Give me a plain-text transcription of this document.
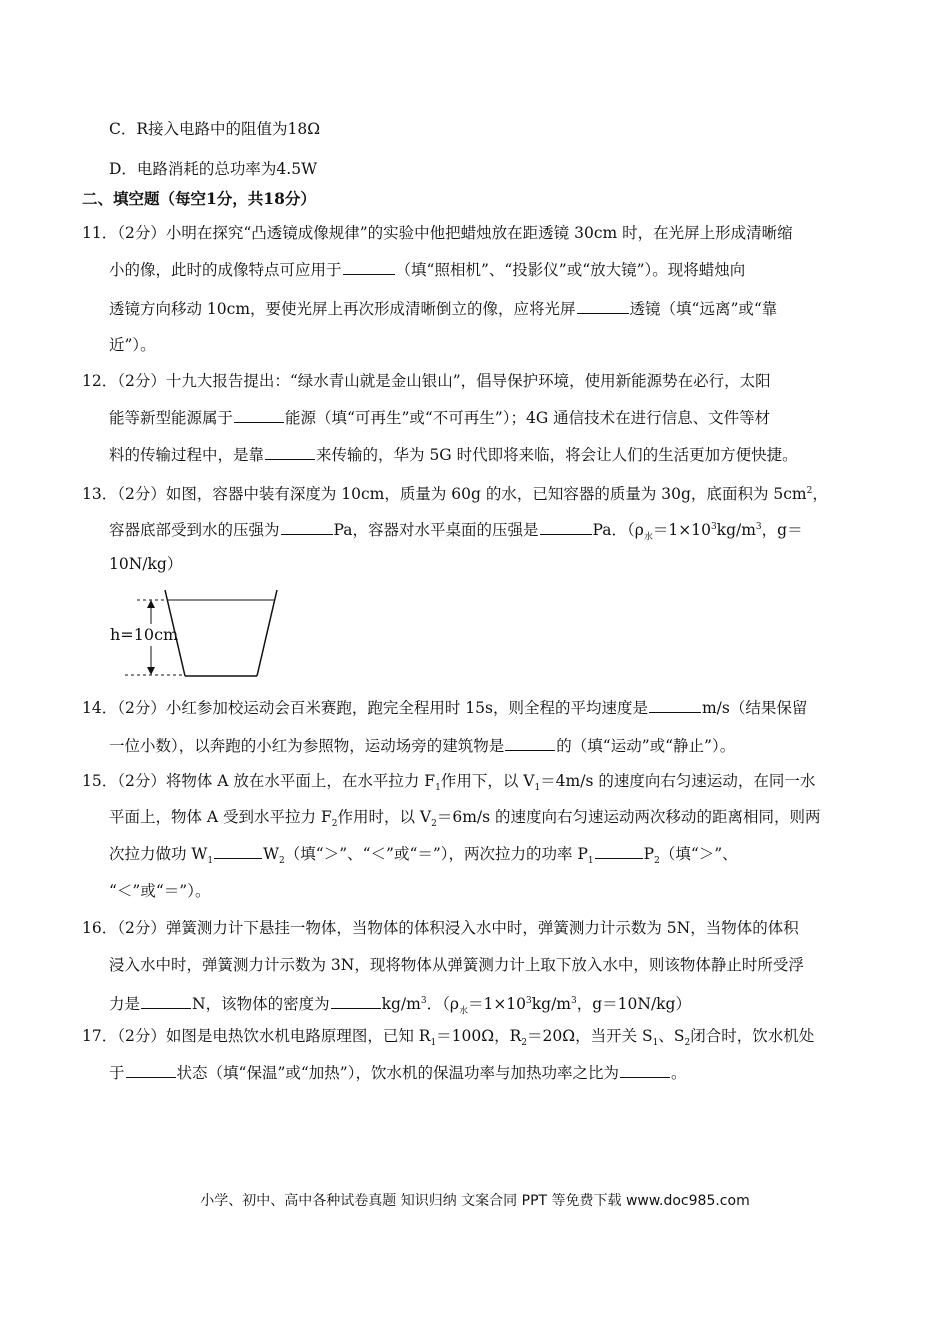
C．R接入电路中的阻值为18Ω
D．电路消耗的总功率为4.5W
二、填空题（每空1分，共18分）
11．（2分）小明在探究“凸透镜成像规律”的实验中他把蜡烛放在距透镜 30cm 时，在光屏上形成清晰缩
小的像，此时的成像特点可应用于	（填“照相机”、“投影仪”或“放大镜”）。现将蜡烛向
透镜方向移动 10cm，要使光屏上再次形成清晰倒立的像，应将光屏	透镜（填“远离”或“靠
近”）。
12．（2分）十九大报告提出：“绿水青山就是金山银山”，倡导保护环境，使用新能源势在必行，太阳
能等新型能源属于	能源（填“可再生”或“不可再生”）；4G 通信技术在进行信息、文件等材
料的传输过程中，是靠	来传输的，华为 5G 时代即将来临，将会让人们的生活更加方便快捷。
13．（2分）如图，容器中装有深度为 10cm，质量为 60g 的水，已知容器的质量为 30g，底面积为 $5cm^2$，
容器底部受到水的压强为	Pa，容器对水平桌面的压强是	Pa．（$\rho_水=1\times 10^3kg/m^3$，g＝
10N/kg）
h=10cm
14．（2分）小红参加校运动会百米赛跑，跑完全程用时 15s，则全程的平均速度是	m/s（结果保留
一位小数），以奔跑的小红为参照物，运动场旁的建筑物是	的（填“运动”或“静止”）。
15．（2分）将物体 A 放在水平面上，在水平拉力 $F_1$作用下，以 $V_1=4m/s$ 的速度向右匀速运动，在同一水
平面上，物体 A 受到水平拉力 $F_2$作用时，以 $V_2=6m/s$ 的速度向右匀速运动两次移动的距离相同，则两
次拉力做功 $W_1$	$W_2$（填“＞”、“＜”或“＝”），两次拉力的功率 $P_1$	$P_2$（填“＞”、
“＜”或“＝”）。
16．（2分）弹簧测力计下悬挂一物体，当物体的体积浸入水中时，弹簧测力计示数为 5N，当物体的体积
浸入水中时，弹簧测力计示数为 3N，现将物体从弹簧测力计上取下放入水中，则该物体静止时所受浮
力是	N，该物体的密度为	$kg/m^3$．（$\rho_水=1\times 10^3kg/m^3$，g＝10N/kg）
17．（2分）如图是电热饮水机电路原理图，已知 $R_1=100\Omega$，$R_2=20\Omega$，当开关 $S_1$、$S_2$闭合时，饮水机处
于	状态（填“保温”或“加热”），饮水机的保温功率与加热功率之比为	。
小学、初中、高中各种试卷真题 知识归纳 文案合同 PPT 等免费下载 www.doc985.com
